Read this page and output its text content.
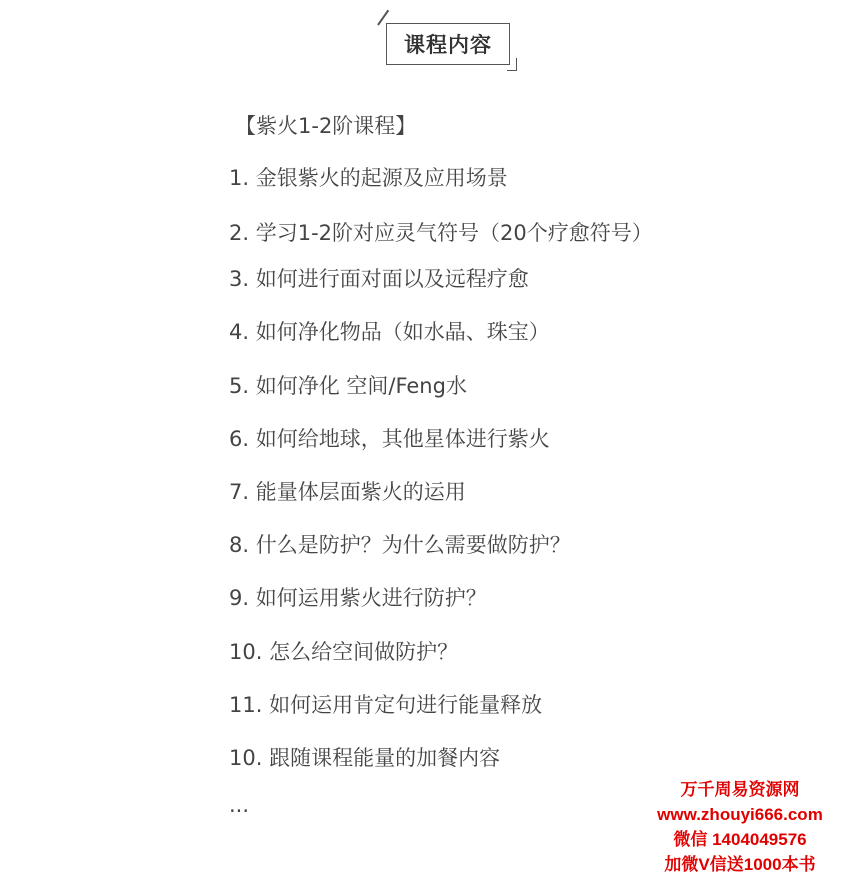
课程内容
【紫火1-2阶课程】
1. 金银紫火的起源及应用场景
2. 学习1-2阶对应灵气符号（20个疗愈符号）
3. 如何进行面对面以及远程疗愈
4. 如何净化物品（如水晶、珠宝）
5. 如何净化 空间/Feng水
6. 如何给地球，其他星体进行紫火
7. 能量体层面紫火的运用
8. 什么是防护？为什么需要做防护？
9. 如何运用紫火进行防护？
10. 怎么给空间做防护？
11. 如何运用肯定句进行能量释放
10. 跟随课程能量的加餐内容
...
万千周易资源网
www.zhouyi666.com
微信 1404049576
加微V信送1000本书
